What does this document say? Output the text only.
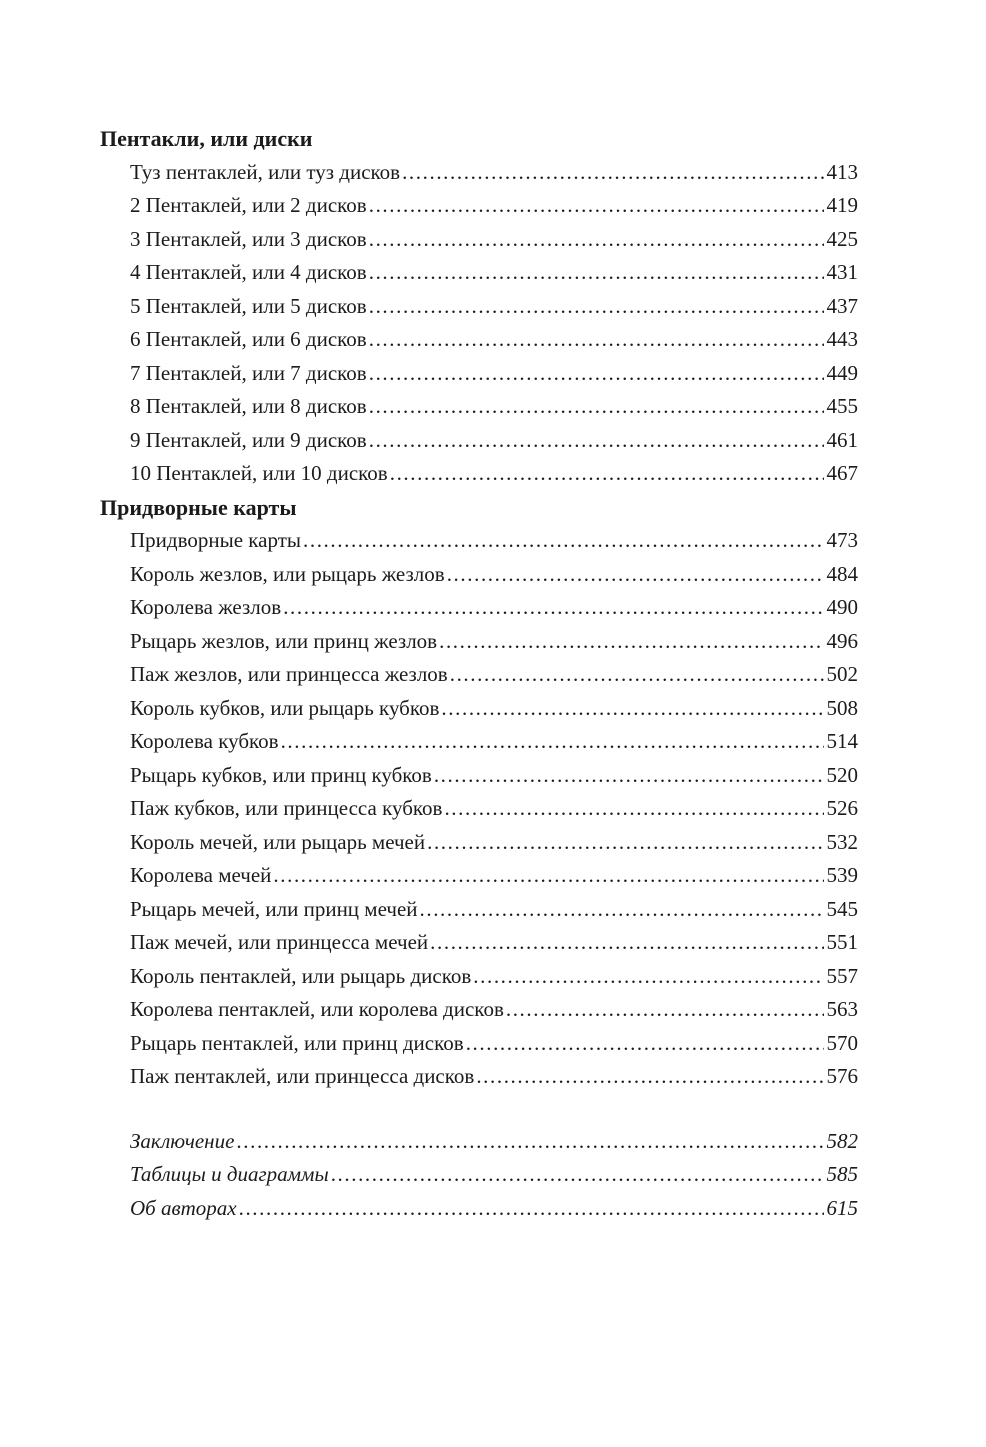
Пентакли, или диски
Туз пентаклей, или туз дисков .....	413
2 Пентаклей, или 2 дисков .....	419
3 Пентаклей, или 3 дисков .....	425
4 Пентаклей, или 4 дисков .....	431
5 Пентаклей, или 5 дисков .....	437
6 Пентаклей, или 6 дисков .....	443
7 Пентаклей, или 7 дисков .....	449
8 Пентаклей, или 8 дисков .....	455
9 Пентаклей, или 9 дисков .....	461
10 Пентаклей, или 10 дисков .....	467
Придворные карты
Придворные карты .....	473
Король жезлов, или рыцарь жезлов .....	484
Королева жезлов .....	490
Рыцарь жезлов, или принц жезлов .....	496
Паж жезлов, или принцесса жезлов .....	502
Король кубков, или рыцарь кубков .....	508
Королева кубков .....	514
Рыцарь кубков, или принц кубков .....	520
Паж кубков, или принцесса кубков .....	526
Король мечей, или рыцарь мечей .....	532
Королева мечей .....	539
Рыцарь мечей, или принц мечей .....	545
Паж мечей, или принцесса мечей .....	551
Король пентаклей, или рыцарь дисков .....	557
Королева пентаклей, или королева дисков .....	563
Рыцарь пентаклей, или принц дисков .....	570
Паж пентаклей, или принцесса дисков .....	576
Заключение .....	582
Таблицы и диаграммы .....	585
Об авторах .....	615
